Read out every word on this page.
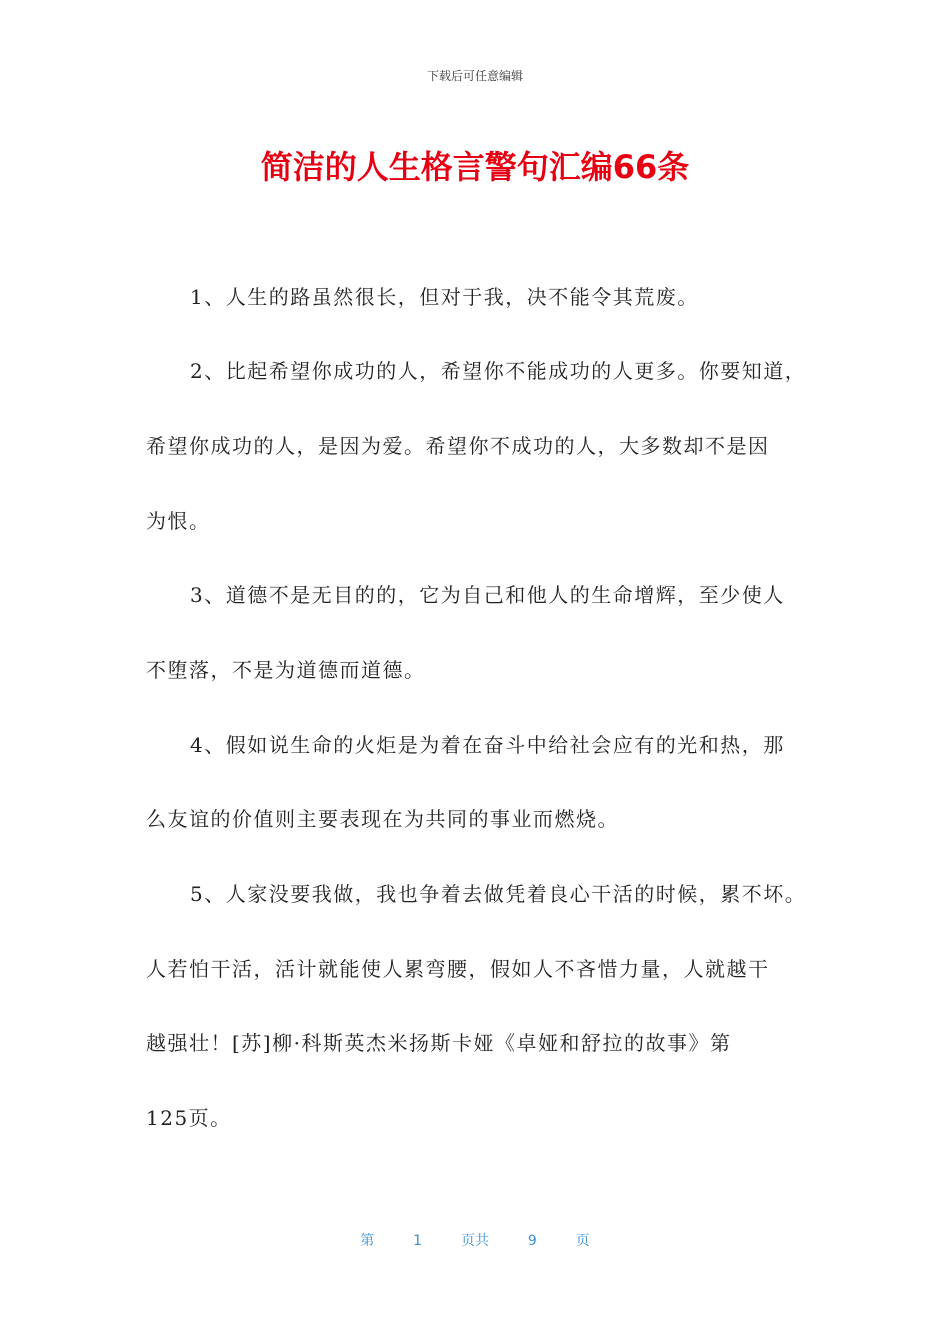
下载后可任意编辑
简洁的人生格言警句汇编66条
1、人生的路虽然很长，但对于我，决不能令其荒废。
2、比起希望你成功的人，希望你不能成功的人更多。你要知道，
希望你成功的人，是因为爱。希望你不成功的人，大多数却不是因
为恨。
3、道德不是无目的的，它为自己和他人的生命增辉，至少使人
不堕落，不是为道德而道德。
4、假如说生命的火炬是为着在奋斗中给社会应有的光和热，那
么友谊的价值则主要表现在为共同的事业而燃烧。
5、人家没要我做，我也争着去做凭着良心干活的时候，累不坏。
人若怕干活，活计就能使人累弯腰，假如人不吝惜力量，人就越干
越强壮！[苏]柳·科斯英杰米扬斯卡娅《卓娅和舒拉的故事》第
125页。
第	1	页共	9	页
